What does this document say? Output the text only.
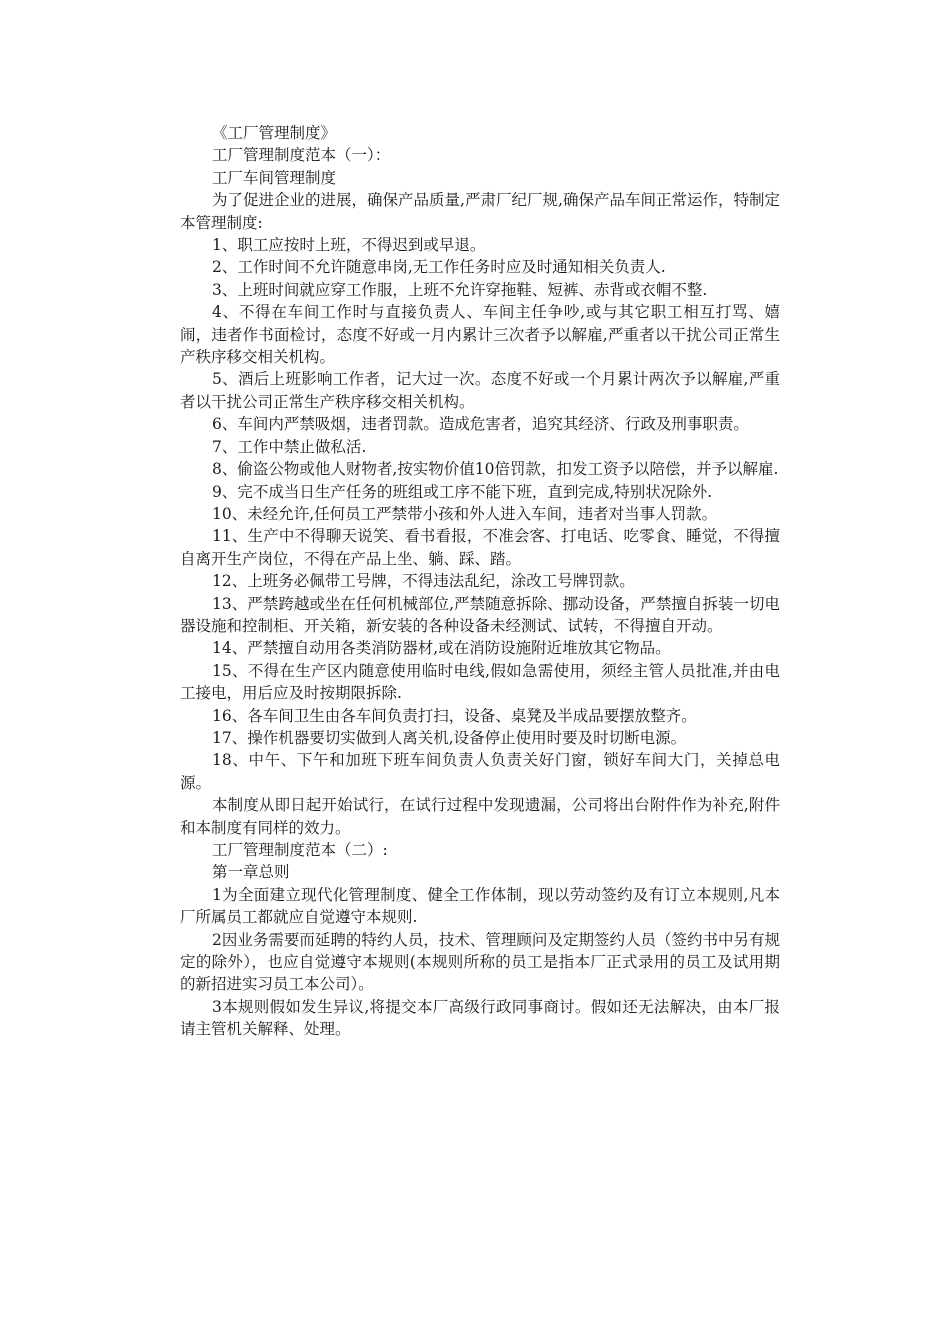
《工厂管理制度》

工厂管理制度范本（一）：

工厂车间管理制度

为了促进企业的进展，确保产品质量,严肃厂纪厂规,确保产品车间正常运作，特制定本管理制度:

1、职工应按时上班，不得迟到或早退。

2、工作时间不允许随意串岗,无工作任务时应及时通知相关负责人.

3、上班时间就应穿工作服，上班不允许穿拖鞋、短裤、赤背或衣帽不整.

4、不得在车间工作时与直接负责人、车间主任争吵,或与其它职工相互打骂、嬉闹，违者作书面检讨，态度不好或一月内累计三次者予以解雇,严重者以干扰公司正常生产秩序移交相关机构。

5、酒后上班影响工作者，记大过一次。态度不好或一个月累计两次予以解雇,严重者以干扰公司正常生产秩序移交相关机构。

6、车间内严禁吸烟，违者罚款。造成危害者，追究其经济、行政及刑事职责。

7、工作中禁止做私活.

8、偷盗公物或他人财物者,按实物价值10倍罚款，扣发工资予以陪偿，并予以解雇.

9、完不成当日生产任务的班组或工序不能下班，直到完成,特别状况除外.

10、未经允许,任何员工严禁带小孩和外人进入车间，违者对当事人罚款。

11、生产中不得聊天说笑、看书看报，不准会客、打电话、吃零食、睡觉，不得擅自离开生产岗位，不得在产品上坐、躺、踩、踏。

12、上班务必佩带工号牌，不得违法乱纪，涂改工号牌罚款。

13、严禁跨越或坐在任何机械部位,严禁随意拆除、挪动设备，严禁擅自拆装一切电器设施和控制柜、开关箱，新安装的各种设备未经测试、试转，不得擅自开动。

14、严禁擅自动用各类消防器材,或在消防设施附近堆放其它物品。

15、不得在生产区内随意使用临时电线,假如急需使用，须经主管人员批准,并由电工接电，用后应及时按期限拆除.

16、各车间卫生由各车间负责打扫，设备、桌凳及半成品要摆放整齐。

17、操作机器要切实做到人离关机,设备停止使用时要及时切断电源。

18、中午、下午和加班下班车间负责人负责关好门窗，锁好车间大门，关掉总电源。

本制度从即日起开始试行，在试行过程中发现遗漏，公司将出台附件作为补充,附件和本制度有同样的效力。

工厂管理制度范本（二）:

第一章总则

1为全面建立现代化管理制度、健全工作体制，现以劳动签约及有订立本规则,凡本厂所属员工都就应自觉遵守本规则.

2因业务需要而延聘的特约人员，技术、管理顾问及定期签约人员（签约书中另有规定的除外），也应自觉遵守本规则(本规则所称的员工是指本厂正式录用的员工及试用期的新招进实习员工本公司）。

3本规则假如发生异议,将提交本厂高级行政同事商讨。假如还无法解决，由本厂报请主管机关解释、处理。
